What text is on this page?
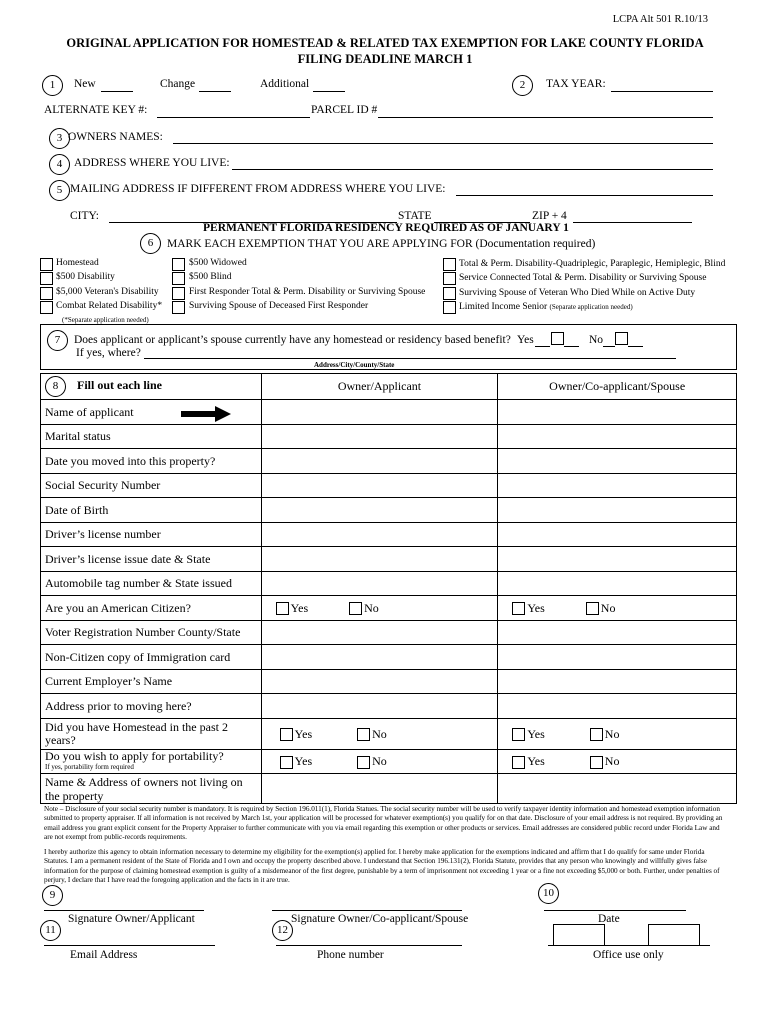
LCPA Alt 501 R.10/13
ORIGINAL APPLICATION FOR HOMESTEAD & RELATED TAX EXEMPTION FOR LAKE COUNTY FLORIDA
FILING DEADLINE MARCH 1
1	New	Change	Additional	2	TAX YEAR:
ALTERNATE KEY #:	PARCEL ID #
3 OWNERS NAMES:
4	ADDRESS WHERE YOU LIVE:
5 MAILING ADDRESS IF DIFFERENT FROM ADDRESS WHERE YOU LIVE:
CITY:	STATE	ZIP + 4
PERMANENT FLORIDA RESIDENCY REQUIRED AS OF JANUARY 1
6	MARK EACH EXEMPTION THAT YOU ARE APPLYING FOR (Documentation required)
Homestead
$500 Disability
$5,000 Veteran's Disability
Combat Related Disability*
(*Separate application needed)
$500 Widowed
$500 Blind
First Responder Total & Perm. Disability or Surviving Spouse
Surviving Spouse of Deceased First Responder
Total & Perm. Disability-Quadriplegic, Paraplegic, Hemiplegic, Blind
Service Connected Total & Perm. Disability or Surviving Spouse
Surviving Spouse of Veteran Who Died While on Active Duty
Limited Income Senior (Separate application needed)
7	Does applicant or applicant’s spouse currently have any homestead or residency based benefit? Yes	No
If yes, where?
Address/City/County/State
8 Fill out each line	Owner/Applicant	Owner/Co-applicant/Spouse
Name of applicant

Marital status		
Date you moved into this property?		
Social Security Number		
Date of Birth		
Driver’s license number		
Driver’s license issue date & State		
Automobile tag number & State issued		
Are you an American Citizen?	Yes No	Yes No
Voter Registration Number County/State		
Non-Citizen copy of Immigration card		
Current Employer’s Name		
Address prior to moving here?		
Did you have Homestead in the past 2 years?	Yes No	Yes No

Do you wish to apply for portability?
If yes, portability form required	Yes No	Yes No
Name & Address of owners not living on the property		
Note – Disclosure of your social security number is mandatory. It is required by Section 196.011(1), Florida Statues. The social security number will be used to verify taxpayer identity information and homestead exemption information submitted to property appraiser. If all information is not received by March 1st, your application will be processed for whatever exemption(s) you qualify for on that date. Disclosure of your email address is not required. By providing an email address you grant explicit consent for the Property Appraiser to further communicate with you via email regarding this exemption or other products or services. Email addresses are considered public record under Florida Law and are not exempt from public-records requirements.
I hereby authorize this agency to obtain information necessary to determine my eligibility for the exemption(s) applied for. I hereby make application for the exemptions indicated and affirm that I do qualify for same under Florida Statutes. I am a permanent resident of the State of Florida and I own and occupy the property described above. I understand that Section 196.131(2), Florida Statute, provides that any person who knowingly and willfully gives false information for the purpose of claiming homestead exemption is guilty of a misdemeanor of the first degree, punishable by a term of imprisonment not exceeding 1 year or a fine not exceeding $5,000 or both. Further, under penalties of perjury, I declare that I have read the foregoing application and the facts in it are true.
9	10
Signature Owner/Applicant	Signature Owner/Co-applicant/Spouse	Date
11	12
Email Address	Phone number	Office use only
